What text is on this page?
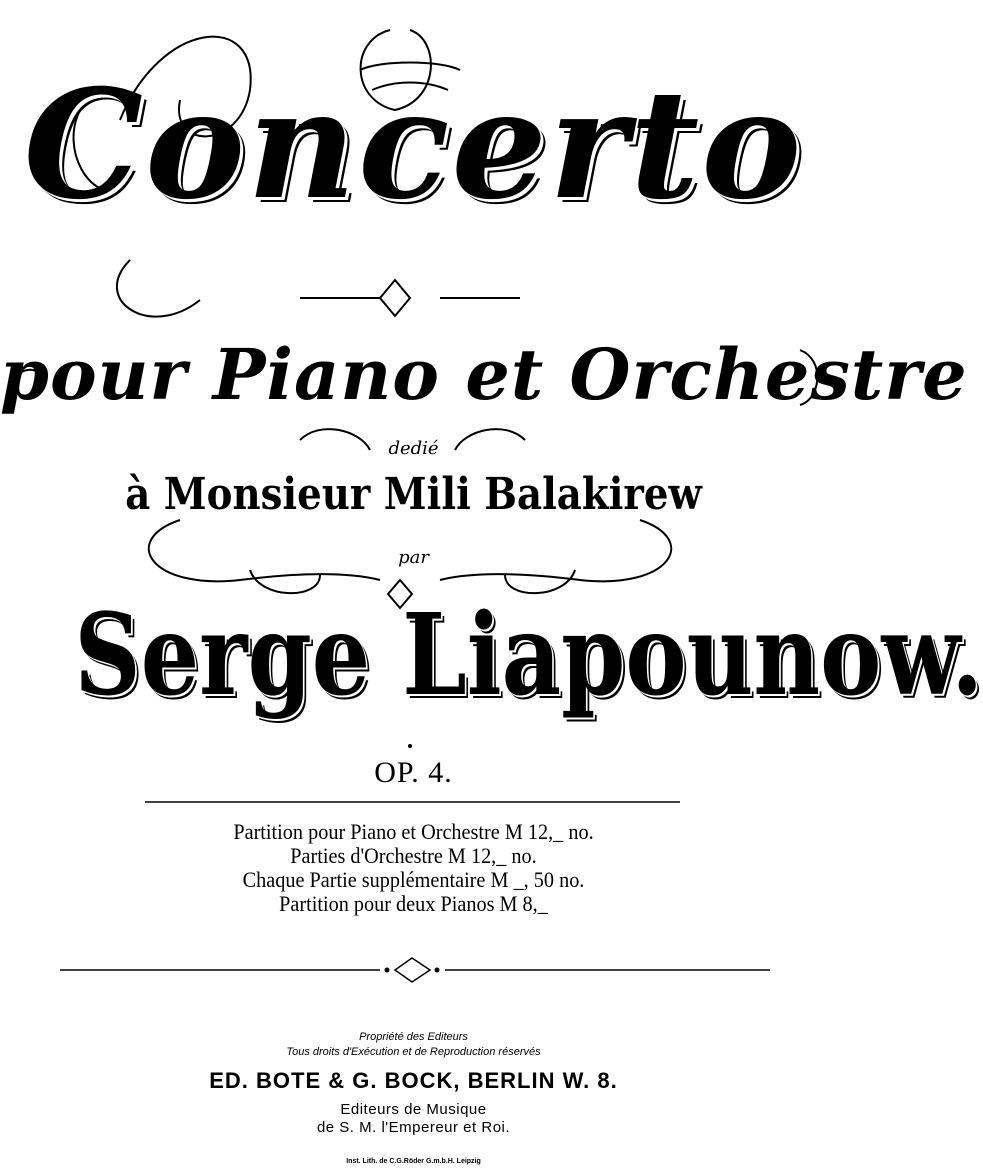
Concerto
pour Piano et Orchestre
dedié
à Monsieur Mili Balakirew
par
Serge Liapounow.
OP. 4.
Partition pour Piano et Orchestre M 12,_ no.
Parties d'Orchestre M 12,_ no.
Chaque Partie supplémentaire M _, 50 no.
Partition pour deux Pianos M 8,_
Propriété des Editeurs
Tous droits d'Exécution et de Reproduction réservés
ED. BOTE & G. BOCK, BERLIN W. 8.
Editeurs de Musique
de S. M. l'Empereur et Roi.
Inst. Lith. de C.G.Röder G.m.b.H. Leipzig
